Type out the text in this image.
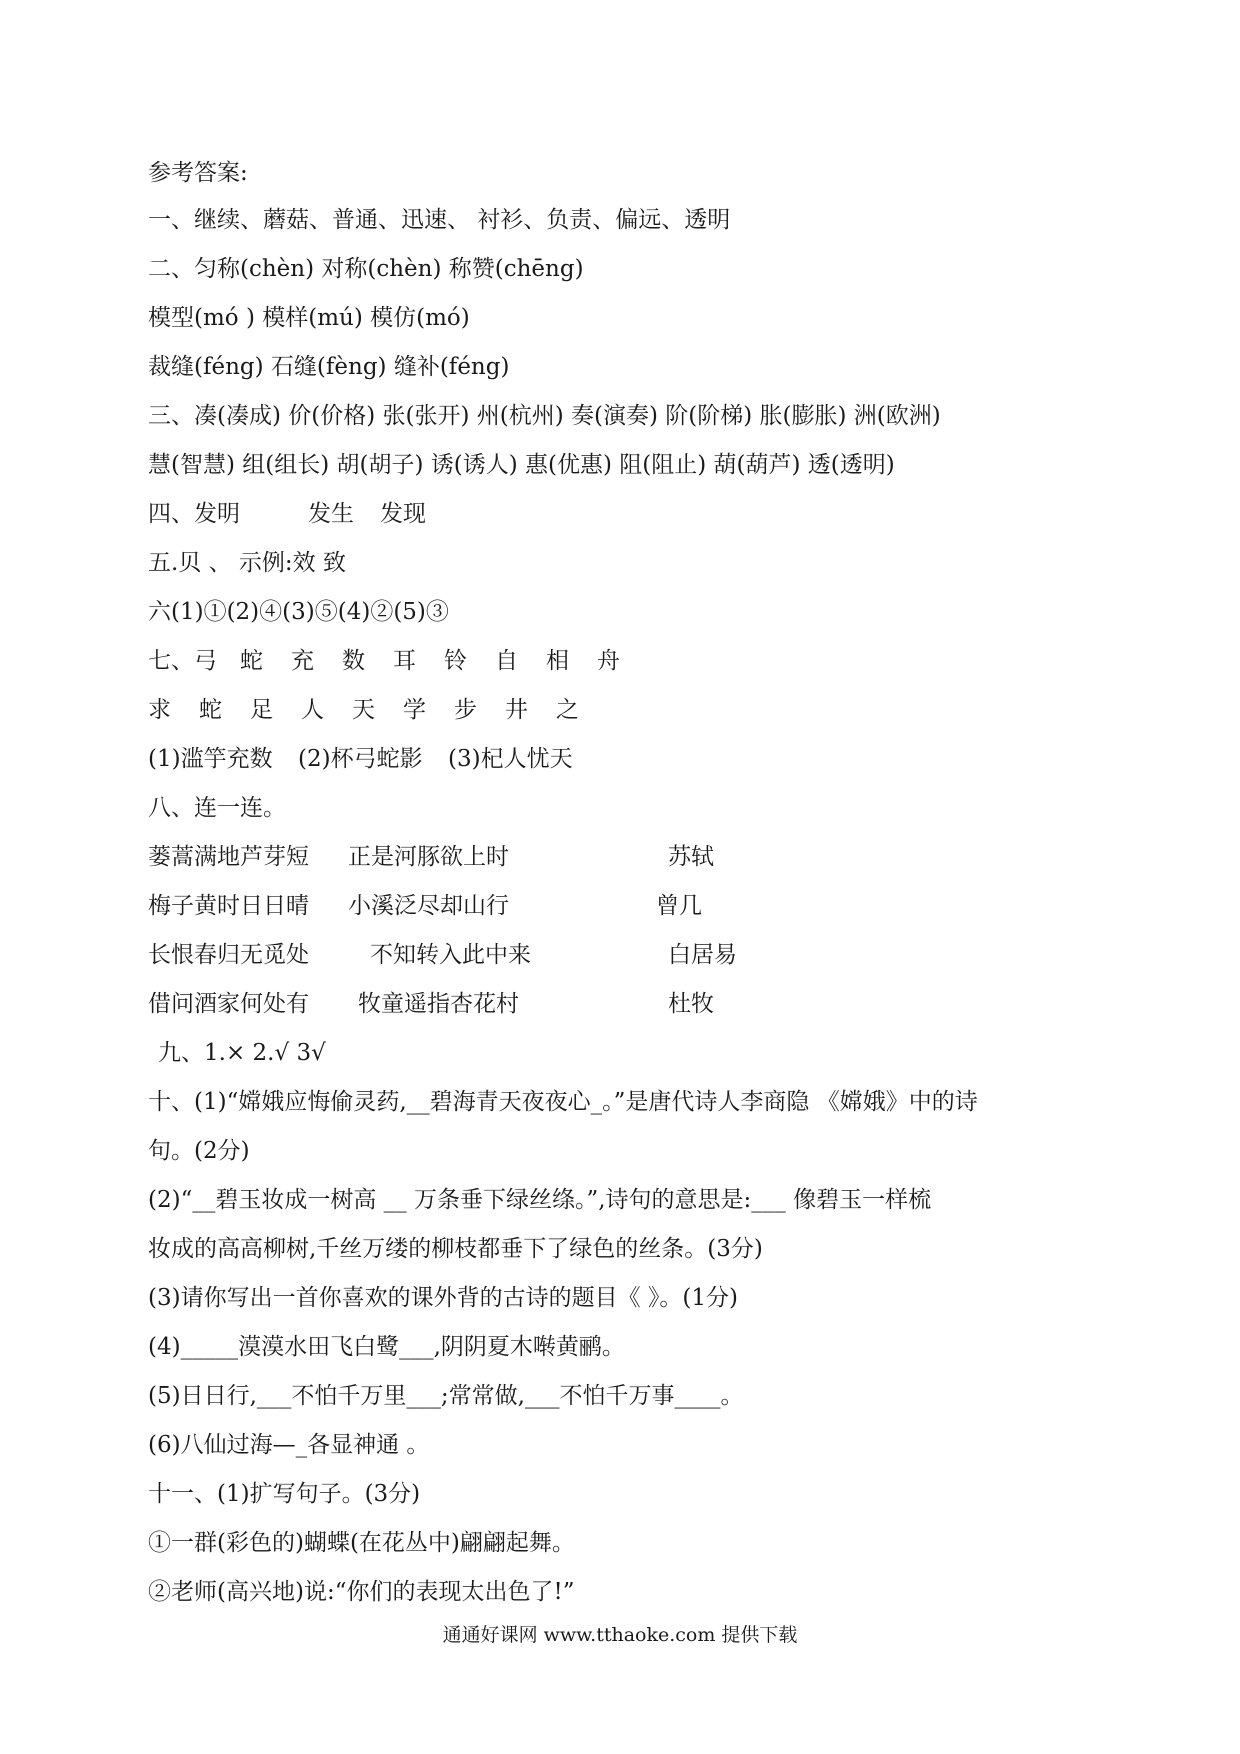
参考答案:
一、继续、蘑菇、普通、迅速、 衬衫、负责、偏远、透明
二、匀称(chèn) 对称(chèn) 称赞(chēng)
模型(mó ) 模样(mú) 模仿(mó)
裁缝(féng) 石缝(fèng) 缝补(féng)
三、凑(凑成) 价(价格) 张(张开) 州(杭州) 奏(演奏) 阶(阶梯) 胀(膨胀) 洲(欧洲)
慧(智慧) 组(组长) 胡(胡子) 诱(诱人) 惠(优惠) 阻(阻止) 葫(葫芦) 透(透明)
四、发明	发生 发现
五.贝 、 示例:效 致
六(1)①(2)④(3)⑤(4)②(5)③
七、弓 蛇 充 数 耳 铃 自 相 舟
求 蛇 足 人 天 学 步 井 之
(1)滥竽充数 (2)杯弓蛇影 (3)杞人忧天
八、连一连。
蒌蒿满地芦芽短 正是河豚欲上时	苏轼
梅子黄时日日晴 小溪泛尽却山行	曾几
长恨春归无觅处	不知转入此中来	白居易
借问酒家何处有 牧童遥指杏花村	杜牧
九、1.× 2.√ 3√
十、(1)“嫦娥应悔偷灵药,__碧海青天夜夜心_。”是唐代诗人李商隐 《嫦娥》中的诗
句。(2分)
(2)“__碧玉妆成一树高 __ 万条垂下绿丝绦。”,诗句的意思是:___ 像碧玉一样梳
妆成的高高柳树,千丝万缕的柳枝都垂下了绿色的丝条。(3分)
(3)请你写出一首你喜欢的课外背的古诗的题目《 》。(1分)
(4)_____漠漠水田飞白鹭___,阴阴夏木啭黄鹂。
(5)日日行,___不怕千万里___;常常做,___不怕千万事____。
(6)八仙过海—_各显神通 。
十一、(1)扩写句子。(3分)
①一群(彩色的)蝴蝶(在花丛中)翩翩起舞。
②老师(高兴地)说:“你们的表现太出色了!”
通通好课网 www.tthaoke.com 提供下载
